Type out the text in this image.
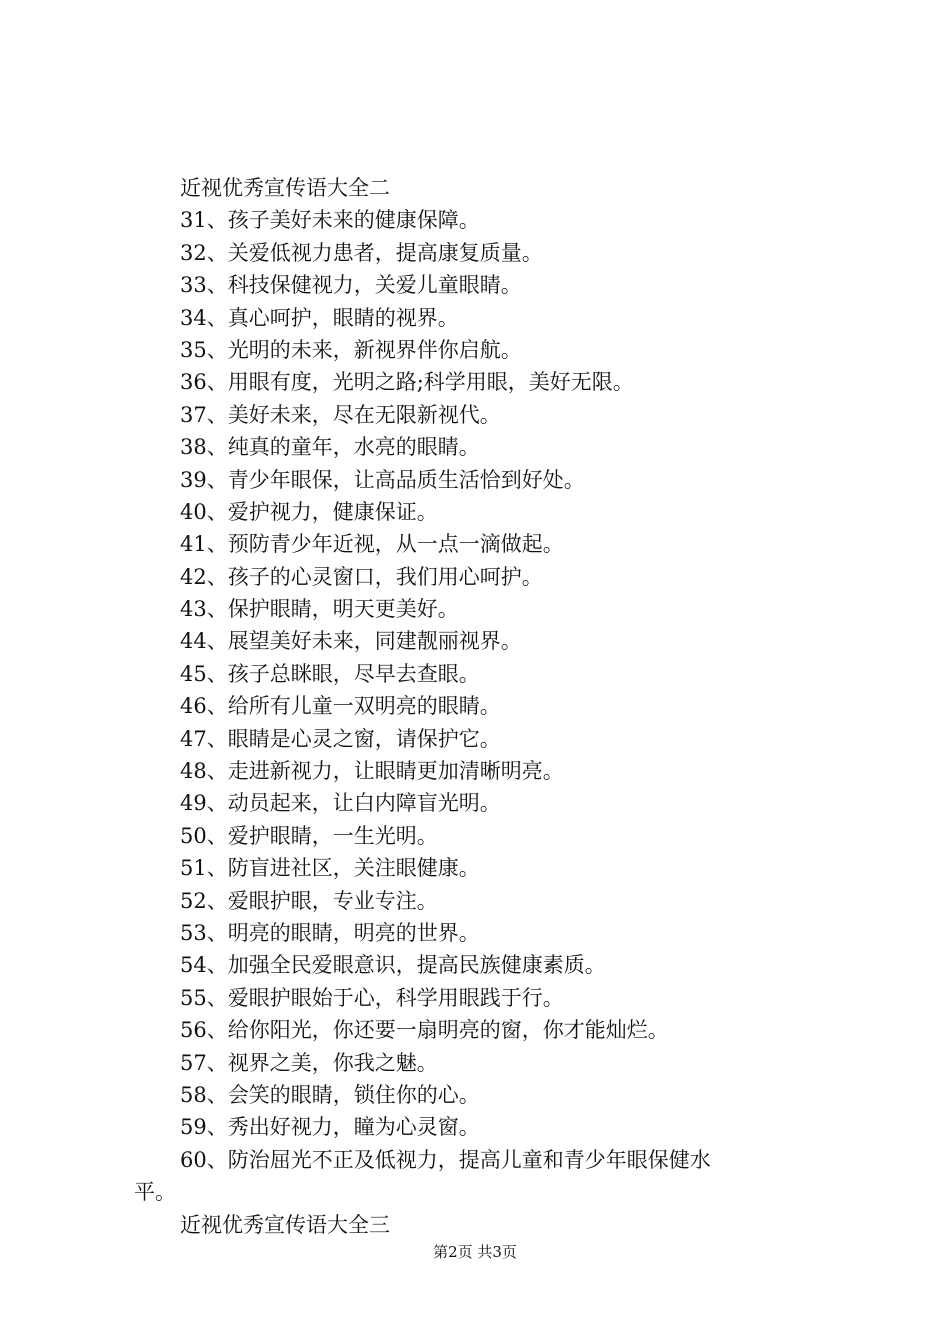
近视优秀宣传语大全二
31、孩子美好未来的健康保障。
32、关爱低视力患者，提高康复质量。
33、科技保健视力，关爱儿童眼睛。
34、真心呵护，眼睛的视界。
35、光明的未来，新视界伴你启航。
36、用眼有度，光明之路;科学用眼，美好无限。
37、美好未来，尽在无限新视代。
38、纯真的童年，水亮的眼睛。
39、青少年眼保，让高品质生活恰到好处。
40、爱护视力，健康保证。
41、预防青少年近视，从一点一滴做起。
42、孩子的心灵窗口，我们用心呵护。
43、保护眼睛，明天更美好。
44、展望美好未来，同建靓丽视界。
45、孩子总眯眼，尽早去查眼。
46、给所有儿童一双明亮的眼睛。
47、眼睛是心灵之窗，请保护它。
48、走进新视力，让眼睛更加清晰明亮。
49、动员起来，让白内障盲光明。
50、爱护眼睛，一生光明。
51、防盲进社区，关注眼健康。
52、爱眼护眼，专业专注。
53、明亮的眼睛，明亮的世界。
54、加强全民爱眼意识，提高民族健康素质。
55、爱眼护眼始于心，科学用眼践于行。
56、给你阳光，你还要一扇明亮的窗，你才能灿烂。
57、视界之美，你我之魅。
58、会笑的眼睛，锁住你的心。
59、秀出好视力，瞳为心灵窗。
60、防治屈光不正及低视力，提高儿童和青少年眼保健水
平。
近视优秀宣传语大全三
第2页 共3页
